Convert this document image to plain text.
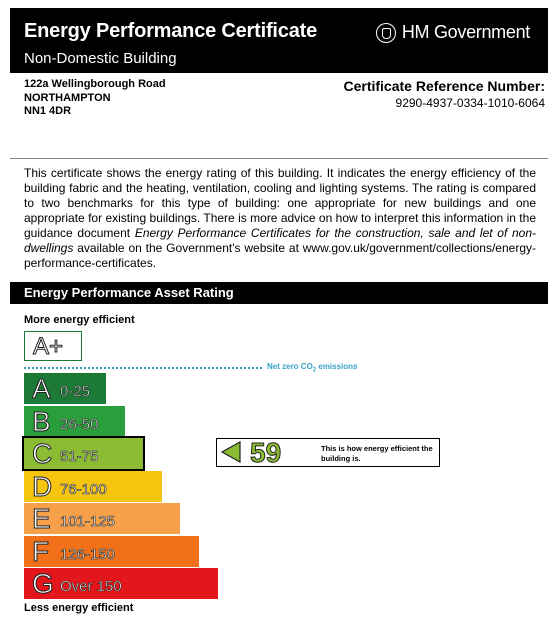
Energy Performance Certificate
Non-Domestic Building
HM Government
122a Wellingborough Road
NORTHAMPTON
NN1 4DR
Certificate Reference Number:
9290-4937-0334-1010-6064
This certificate shows the energy rating of this building. It indicates the energy efficiency of the building fabric and the heating, ventilation, cooling and lighting systems. The rating is compared to two benchmarks for this type of building: one appropriate for new buildings and one appropriate for existing buildings. There is more advice on how to interpret this information in the guidance document Energy Performance Certificates for the construction, sale and let of non-dwellings available on the Government's website at www.gov.uk/government/collections/energy-performance-certificates.
Energy Performance Asset Rating
More energy efficient
A+
Net zero $CO_2$ emissions
A 0-25
B 26-50
C 51-75
D 76-100
E 101-125
F 126-150
G Over 150
59	This is how energy efficient the building is.
Less energy efficient
